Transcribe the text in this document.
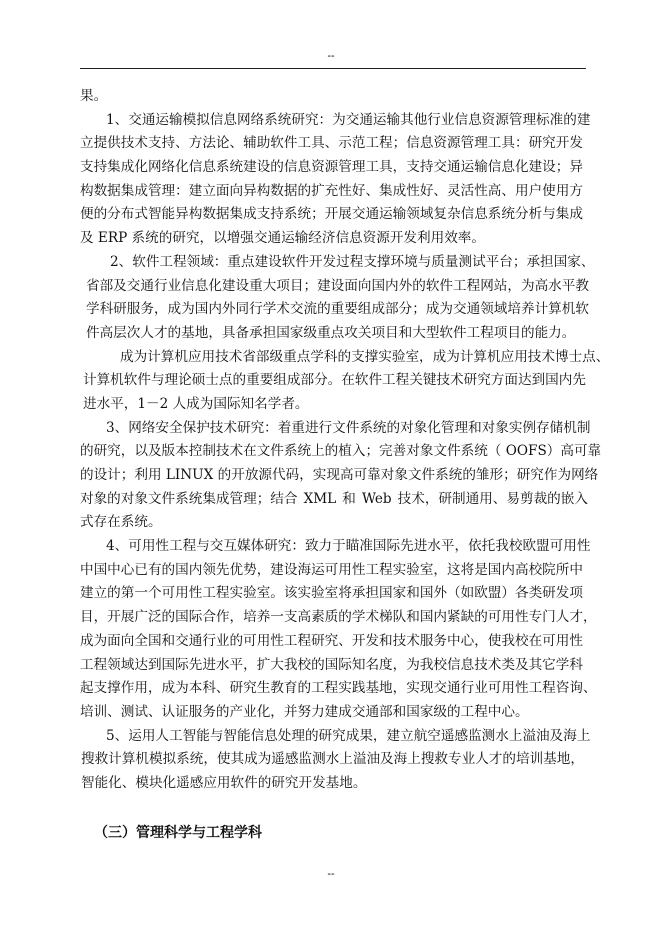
--
果。
1、交通运输模拟信息网络系统研究：为交通运输其他行业信息资源管理标准的建
立提供技术支持、方法论、辅助软件工具、示范工程；信息资源管理工具：研究开发
支持集成化网络化信息系统建设的信息资源管理工具，支持交通运输信息化建设；异
构数据集成管理：建立面向异构数据的扩充性好、集成性好、灵活性高、用户使用方
便的分布式智能异构数据集成支持系统；开展交通运输领域复杂信息系统分析与集成
及 ERP 系统的研究，以增强交通运输经济信息资源开发利用效率。
2、软件工程领域：重点建设软件开发过程支撑环境与质量测试平台；承担国家、
省部及交通行业信息化建设重大项目；建设面向国内外的软件工程网站，为高水平教
学科研服务，成为国内外同行学术交流的重要组成部分；成为交通领域培养计算机软
件高层次人才的基地，具备承担国家级重点攻关项目和大型软件工程项目的能力。
成为计算机应用技术省部级重点学科的支撑实验室，成为计算机应用技术博士点、
计算机软件与理论硕士点的重要组成部分。在软件工程关键技术研究方面达到国内先
进水平，1－2 人成为国际知名学者。
3、网络安全保护技术研究：着重进行文件系统的对象化管理和对象实例存储机制
的研究，以及版本控制技术在文件系统上的植入；完善对象文件系统（ OOFS）高可靠
的设计；利用 LINUX 的开放源代码，实现高可靠对象文件系统的雏形；研究作为网络
对象的对象文件系统集成管理；结合 XML 和 Web 技术，研制通用、易剪裁的嵌入
式存在系统。
4、可用性工程与交互媒体研究：致力于瞄准国际先进水平，依托我校欧盟可用性
中国中心已有的国内领先优势，建设海运可用性工程实验室，这将是国内高校院所中
建立的第一个可用性工程实验室。该实验室将承担国家和国外（如欧盟）各类研发项
目，开展广泛的国际合作，培养一支高素质的学术梯队和国内紧缺的可用性专门人才，
成为面向全国和交通行业的可用性工程研究、开发和技术服务中心，使我校在可用性
工程领域达到国际先进水平，扩大我校的国际知名度，为我校信息技术类及其它学科
起支撑作用，成为本科、研究生教育的工程实践基地，实现交通行业可用性工程咨询、
培训、测试、认证服务的产业化，并努力建成交通部和国家级的工程中心。
5、运用人工智能与智能信息处理的研究成果，建立航空遥感监测水上溢油及海上
搜救计算机模拟系统，使其成为遥感监测水上溢油及海上搜救专业人才的培训基地，
智能化、模块化遥感应用软件的研究开发基地。
（三）管理科学与工程学科
--
